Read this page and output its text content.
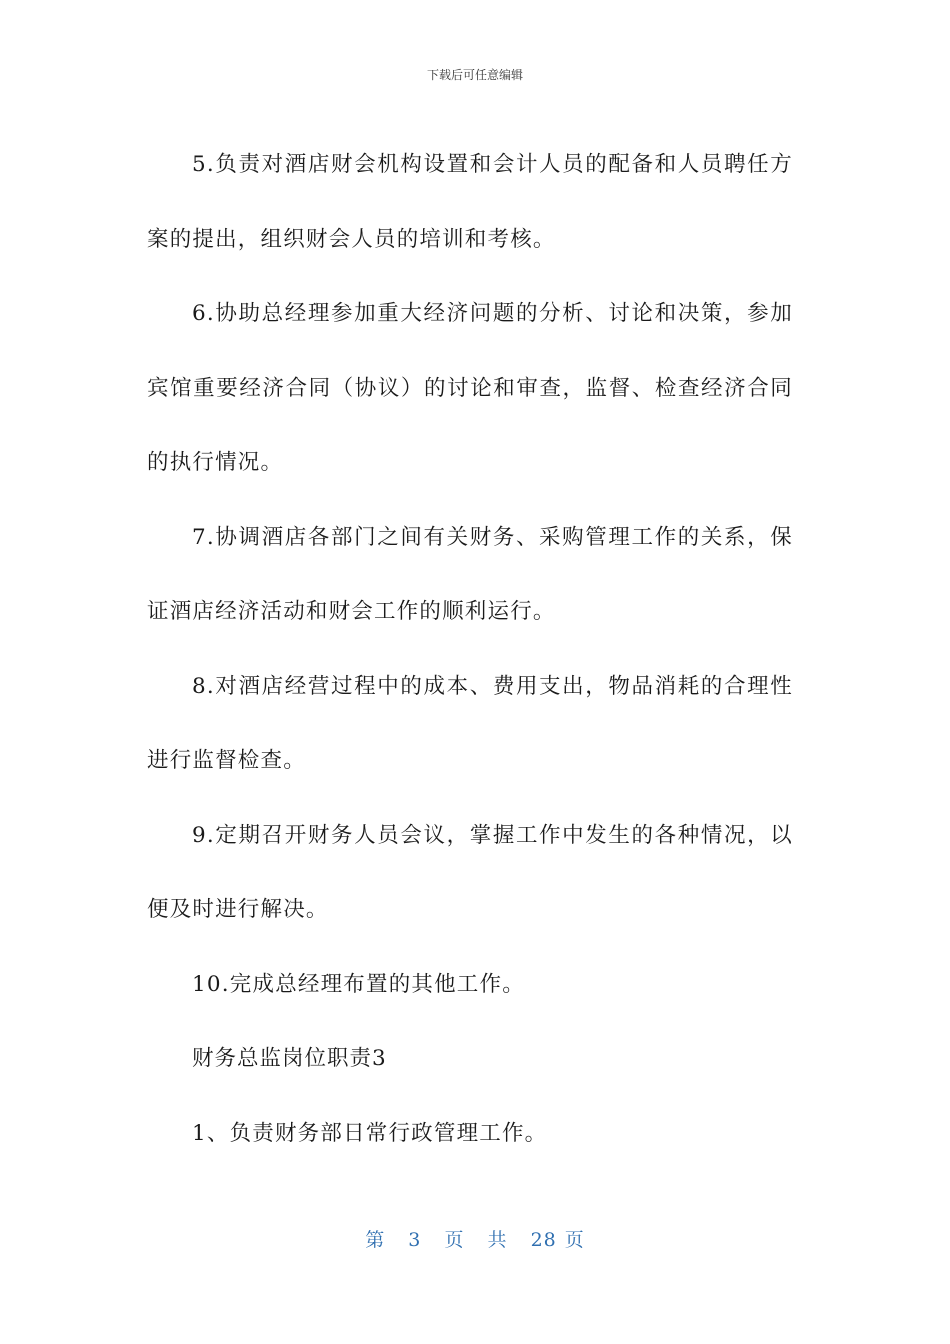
下载后可任意编辑

5.负责对酒店财会机构设置和会计人员的配备和人员聘任方案的提出，组织财会人员的培训和考核。

6.协助总经理参加重大经济问题的分析、讨论和决策，参加宾馆重要经济合同（协议）的讨论和审查，监督、检查经济合同的执行情况。

7.协调酒店各部门之间有关财务、采购管理工作的关系，保证酒店经济活动和财会工作的顺利运行。

8.对酒店经营过程中的成本、费用支出，物品消耗的合理性进行监督检查。

9.定期召开财务人员会议，掌握工作中发生的各种情况，以便及时进行解决。

10.完成总经理布置的其他工作。

财务总监岗位职责3

1、负责财务部日常行政管理工作。

第 3 页 共 28 页
